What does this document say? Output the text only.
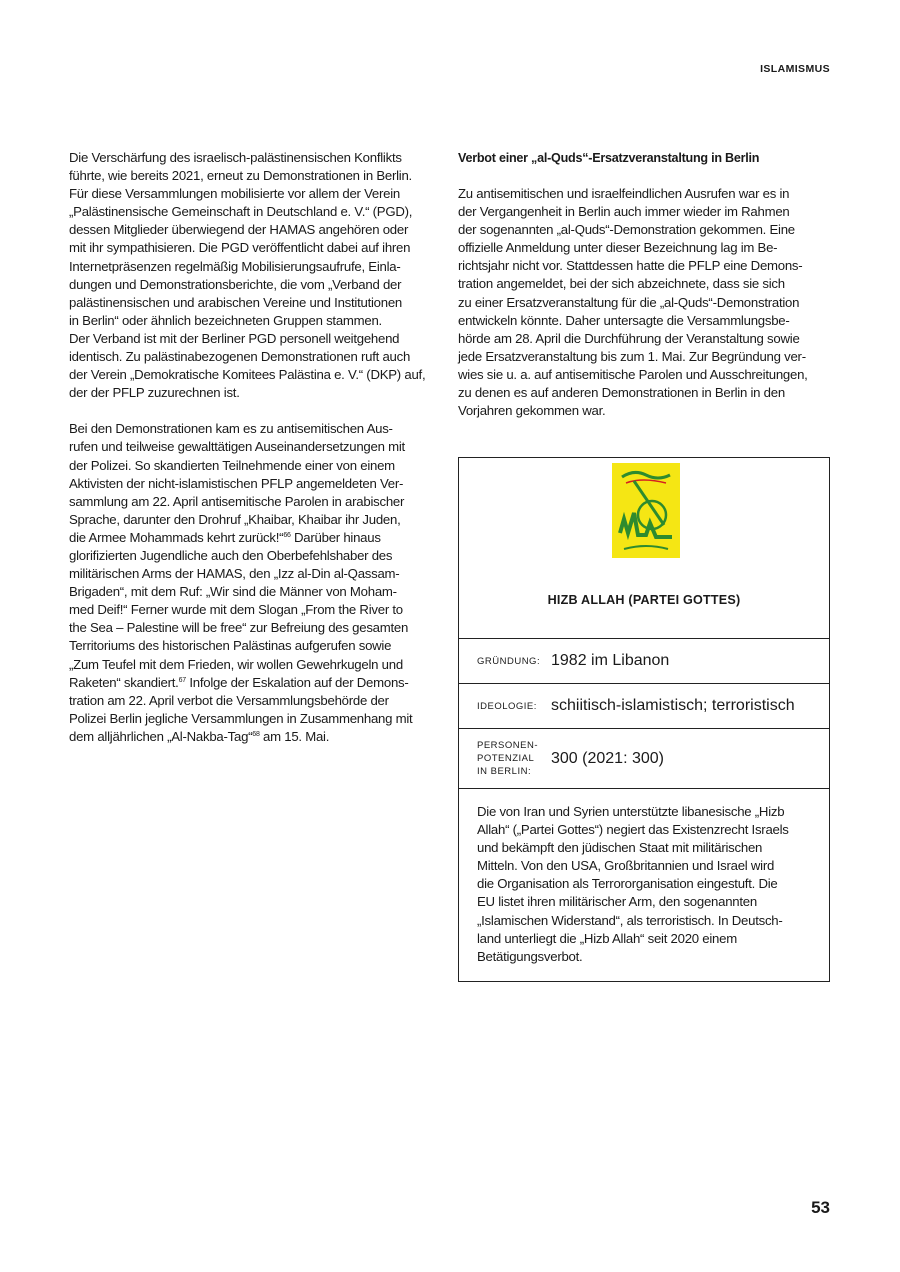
ISLAMISMUS

Die Verschärfung des israelisch-palästinensischen Konflikts
führte, wie bereits 2021, erneut zu Demonstrationen in Berlin.
Für diese Versammlungen mobilisierte vor allem der Verein
„Palästinensische Gemeinschaft in Deutschland e. V.“ (PGD),
dessen Mitglieder überwiegend der HAMAS angehören oder
mit ihr sympathisieren. Die PGD veröffentlicht dabei auf ihren
Internetpräsenzen regelmäßig Mobilisierungsaufrufe, Einla-
dungen und Demonstrationsberichte, die vom „Verband der
palästinensischen und arabischen Vereine und Institutionen
in Berlin“ oder ähnlich bezeichneten Gruppen stammen.
Der Verband ist mit der Berliner PGD personell weitgehend
identisch. Zu palästinabezogenen Demonstrationen ruft auch
der Verein „Demokratische Komitees Palästina e. V.“ (DKP) auf,
der der PFLP zuzurechnen ist.

Bei den Demonstrationen kam es zu antisemitischen Aus-
rufen und teilweise gewalttätigen Auseinandersetzungen mit
der Polizei. So skandierten Teilnehmende einer von einem
Aktivisten der nicht-islamistischen PFLP angemeldeten Ver-
sammlung am 22. April antisemitische Parolen in arabischer
Sprache, darunter den Drohruf „Khaibar, Khaibar ihr Juden,
die Armee Mohammads kehrt zurück!“$^{66}$ Darüber hinaus
glorifizierten Jugendliche auch den Oberbefehlshaber des
militärischen Arms der HAMAS, den „Izz al-Din al-Qassam-
Brigaden“, mit dem Ruf: „Wir sind die Männer von Moham-
med Deif!“ Ferner wurde mit dem Slogan „From the River to
the Sea – Palestine will be free“ zur Befreiung des gesamten
Territoriums des historischen Palästinas aufgerufen sowie
„Zum Teufel mit dem Frieden, wir wollen Gewehrkugeln und
Raketen“ skandiert.$^{67}$ Infolge der Eskalation auf der Demons-
tration am 22. April verbot die Versammlungsbehörde der
Polizei Berlin jegliche Versammlungen in Zusammenhang mit
dem alljährlichen „Al-Nakba-Tag“$^{68}$ am 15. Mai.

Verbot einer „al-Quds“-Ersatzveranstaltung in Berlin

Zu antisemitischen und israelfeindlichen Ausrufen war es in
der Vergangenheit in Berlin auch immer wieder im Rahmen
der sogenannten „al-Quds“-Demonstration gekommen. Eine
offizielle Anmeldung unter dieser Bezeichnung lag im Be-
richtsjahr nicht vor. Stattdessen hatte die PFLP eine Demons-
tration angemeldet, bei der sich abzeichnete, dass sie sich
zu einer Ersatzveranstaltung für die „al-Quds“-Demonstration
entwickeln könnte. Daher untersagte die Versammlungsbe-
hörde am 28. April die Durchführung der Veranstaltung sowie
jede Ersatzveranstaltung bis zum 1. Mai. Zur Begründung ver-
wies sie u. a. auf antisemitische Parolen und Ausschreitungen,
zu denen es auf anderen Demonstrationen in Berlin in den
Vorjahren gekommen war.

HIZB ALLAH (PARTEI GOTTES)
GRÜNDUNG: 1982 im Libanon
IDEOLOGIE: schiitisch-islamistisch; terroristisch
PERSONEN-
POTENZIAL
IN BERLIN:
300 (2021: 300)
Die von Iran und Syrien unterstützte libanesische „Hizb
Allah“ („Partei Gottes“) negiert das Existenzrecht Israels
und bekämpft den jüdischen Staat mit militärischen
Mitteln. Von den USA, Großbritannien und Israel wird
die Organisation als Terrororganisation eingestuft. Die
EU listet ihren militärischer Arm, den sogenannten
„Islamischen Widerstand“, als terroristisch. In Deutsch-
land unterliegt die „Hizb Allah“ seit 2020 einem
Betätigungsverbot.
53
